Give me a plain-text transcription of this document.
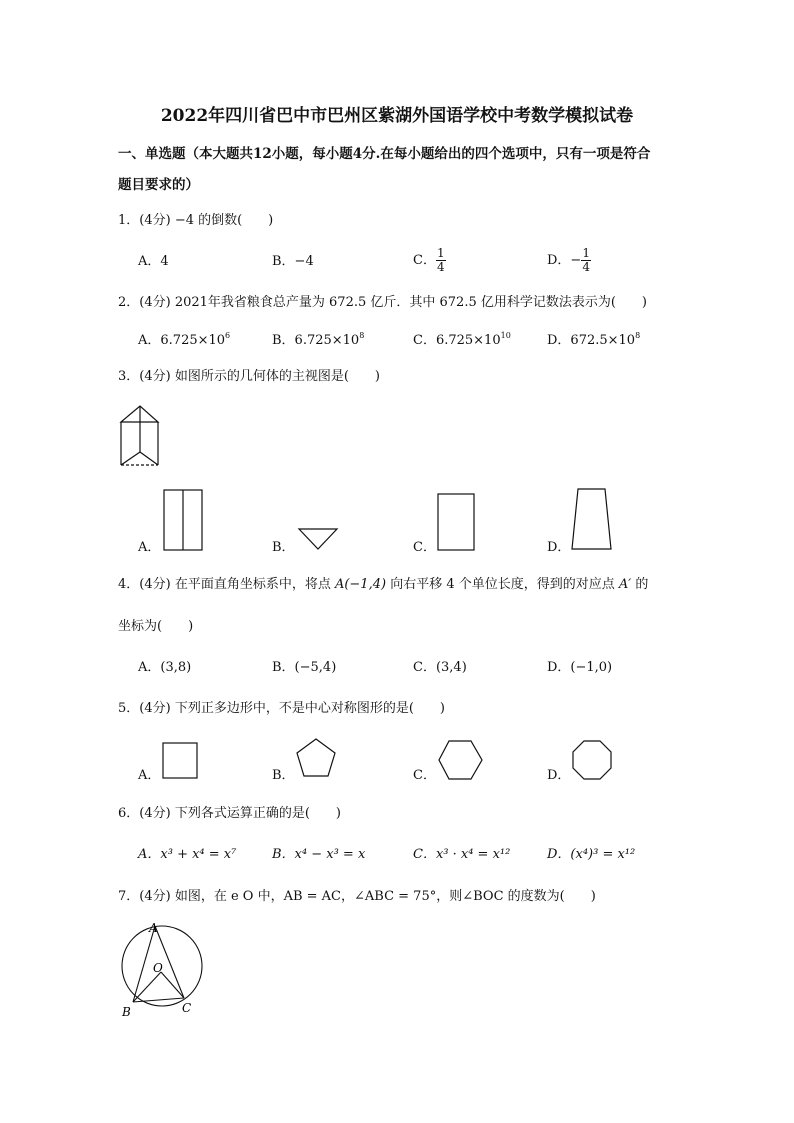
2022年四川省巴中市巴州区紫湖外国语学校中考数学模拟试卷
一、单选题（本大题共12小题，每小题4分.在每小题给出的四个选项中，只有一项是符合
题目要求的）
1．(4分) −4 的倒数(　　)
A．4	B．−4	C． $\frac{1}{4}$	D．− $\frac{1}{4}$
2．(4分) 2021年我省粮食总产量为 672.5 亿斤．其中 672.5 亿用科学记数法表示为(　　)
A．$6.725\times 10^6$	B．$6.725\times 10^8$	C．$6.725\times 10^{10}$	D．$672.5\times 10^8$
3．(4分) 如图所示的几何体的主视图是(　　)
A．	B．	C．	D．
4．(4分) 在平面直角坐标系中，将点 A(−1,4) 向右平移 4 个单位长度，得到的对应点 A′ 的
坐标为(　　)
A．(3,8)	B．(−5,4)	C．(3,4)	D．(−1,0)
5．(4分) 下列正多边形中，不是中心对称图形的是(　　)
A．	B．	C．	D．
6．(4分) 下列各式运算正确的是(　　)
A．x³ + x⁴ = x⁷	B．x⁴ − x³ = x	C．x³ · x⁴ = x¹²	D．(x⁴)³ = x¹²
7．(4分) 如图，在 e O 中，AB = AC，∠ABC = 75°，则∠BOC 的度数为(　　)
A
B	C
O
